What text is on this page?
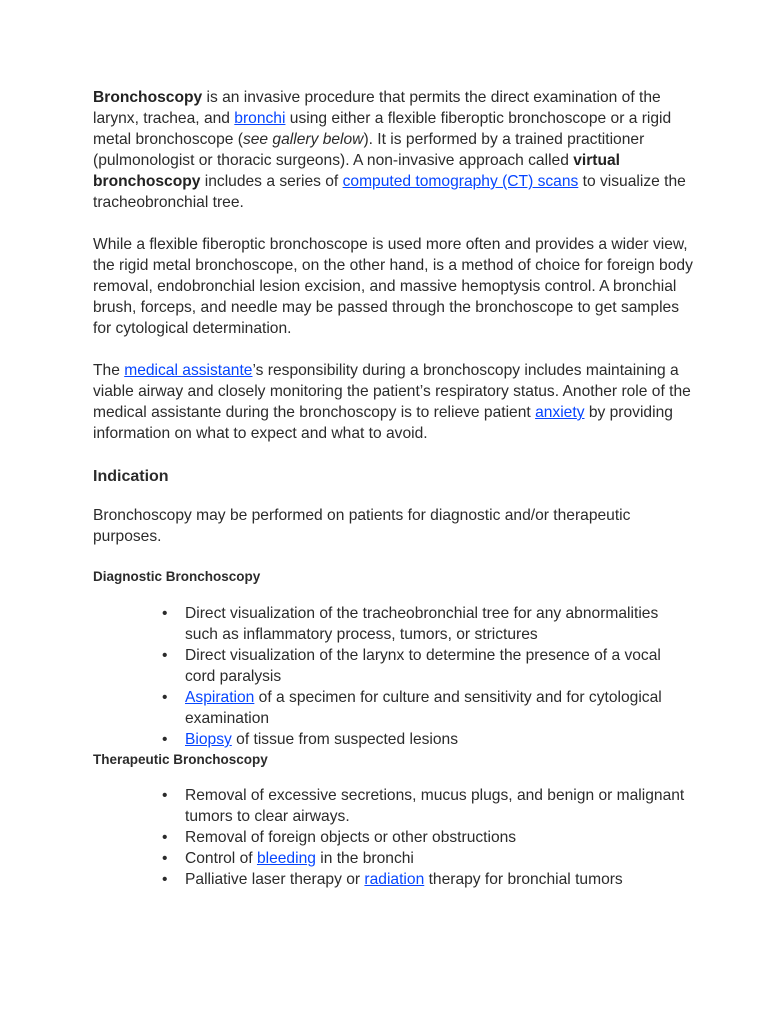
Bronchoscopy is an invasive procedure that permits the direct examination of the larynx, trachea, and bronchi using either a flexible fiberoptic bronchoscope or a rigid metal bronchoscope (see gallery below). It is performed by a trained practitioner (pulmonologist or thoracic surgeons). A non-invasive approach called virtual bronchoscopy includes a series of computed tomography (CT) scans to visualize the tracheobronchial tree.

While a flexible fiberoptic bronchoscope is used more often and provides a wider view, the rigid metal bronchoscope, on the other hand, is a method of choice for foreign body removal, endobronchial lesion excision, and massive hemoptysis control. A bronchial brush, forceps, and needle may be passed through the bronchoscope to get samples for cytological determination.

The medical assistante’s responsibility during a bronchoscopy includes maintaining a viable airway and closely monitoring the patient’s respiratory status. Another role of the medical assistante during the bronchoscopy is to relieve patient anxiety by providing information on what to expect and what to avoid.

Indication

Bronchoscopy may be performed on patients for diagnostic and/or therapeutic purposes.

Diagnostic Bronchoscopy
• Direct visualization of the tracheobronchial tree for any abnormalities such as inflammatory process, tumors, or strictures
• Direct visualization of the larynx to determine the presence of a vocal cord paralysis
• Aspiration of a specimen for culture and sensitivity and for cytological examination
• Biopsy of tissue from suspected lesions
Therapeutic Bronchoscopy
• Removal of excessive secretions, mucus plugs, and benign or malignant tumors to clear airways.
• Removal of foreign objects or other obstructions
• Control of bleeding in the bronchi
• Palliative laser therapy or radiation therapy for bronchial tumors
